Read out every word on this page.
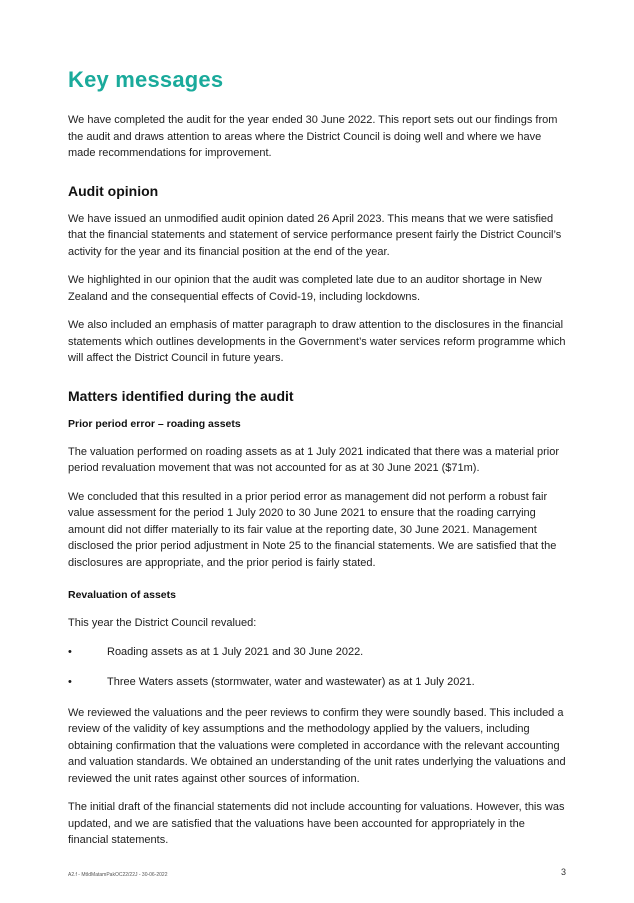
Key messages

We have completed the audit for the year ended 30 June 2022. This report sets out our findings from the audit and draws attention to areas where the District Council is doing well and where we have made recommendations for improvement.

Audit opinion

We have issued an unmodified audit opinion dated 26 April 2023. This means that we were satisfied that the financial statements and statement of service performance present fairly the District Council’s activity for the year and its financial position at the end of the year.

We highlighted in our opinion that the audit was completed late due to an auditor shortage in New Zealand and the consequential effects of Covid-19, including lockdowns.

We also included an emphasis of matter paragraph to draw attention to the disclosures in the financial statements which outlines developments in the Government’s water services reform programme which will affect the District Council in future years.

Matters identified during the audit
Prior period error – roading assets

The valuation performed on roading assets as at 1 July 2021 indicated that there was a material prior period revaluation movement that was not accounted for as at 30 June 2021 ($71m).

We concluded that this resulted in a prior period error as management did not perform a robust fair value assessment for the period 1 July 2020 to 30 June 2021 to ensure that the roading carrying amount did not differ materially to its fair value at the reporting date, 30 June 2021. Management disclosed the prior period adjustment in Note 25 to the financial statements. We are satisfied that the disclosures are appropriate, and the prior period is fairly stated.

Revaluation of assets

This year the District Council revalued:

•	Roading assets as at 1 July 2021 and 30 June 2022.
•	Three Waters assets (stormwater, water and wastewater) as at 1 July 2021.

We reviewed the valuations and the peer reviews to confirm they were soundly based. This included a review of the validity of key assumptions and the methodology applied by the valuers, including obtaining confirmation that the valuations were completed in accordance with the relevant accounting and valuation standards. We obtained an understanding of the unit rates underlying the valuations and reviewed the unit rates against other sources of information.

The initial draft of the financial statements did not include accounting for valuations. However, this was updated, and we are satisfied that the valuations have been accounted for appropriately in the financial statements.

A2.f - MtIdMatamPakOC22/22J - 30-06-2022	3
